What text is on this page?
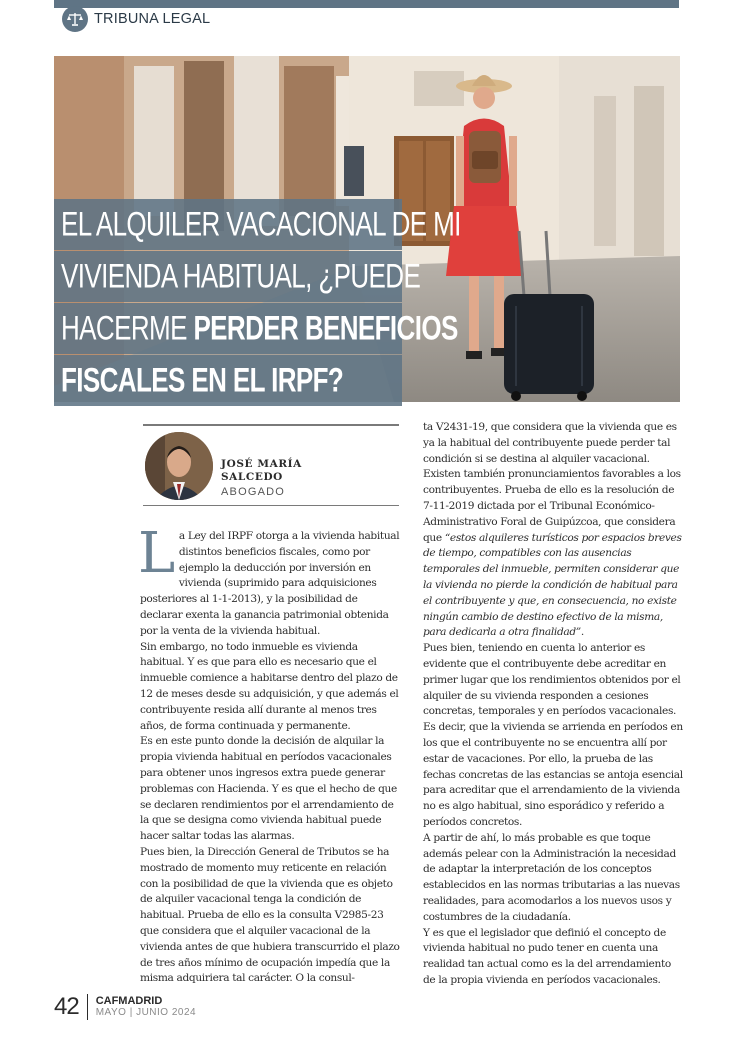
TRIBUNA LEGAL
EL ALQUILER VACACIONAL DE MI
VIVIENDA HABITUAL, ¿PUEDE
HACERME PERDER BENEFICIOS
FISCALES EN EL IRPF?
JOSÉ MARÍA SALCEDO
ABOGADO

La Ley del IRPF otorga a la vivienda habitual distintos beneficios fiscales, como por ejemplo la deducción por inversión en vivienda (suprimido para adquisiciones posteriores al 1-1-2013), y la posibilidad de declarar exenta la ganancia patrimonial obtenida por la venta de la vivienda habitual.

Sin embargo, no todo inmueble es vivienda habitual. Y es que para ello es necesario que el inmueble comience a habitarse dentro del plazo de 12 de meses desde su adquisición, y que además el contribuyente resida allí durante al menos tres años, de forma continuada y permanente.

Es en este punto donde la decisión de alquilar la propia vivienda habitual en períodos vacacionales para obtener unos ingresos extra puede generar problemas con Hacienda. Y es que el hecho de que se declaren rendimientos por el arrendamiento de la que se designa como vivienda habitual puede hacer saltar todas las alarmas.

Pues bien, la Dirección General de Tributos se ha mostrado de momento muy reticente en relación con la posibilidad de que la vivienda que es objeto de alquiler vacacional tenga la condición de habitual. Prueba de ello es la consulta V2985-23 que considera que el alquiler vacacional de la vivienda antes de que hubiera transcurrido el plazo de tres años mínimo de ocupación impedía que la misma adquiriera tal carácter. O la consul-

ta V2431-19, que considera que la vivienda que es ya la habitual del contribuyente puede perder tal condición si se destina al alquiler vacacional. Existen también pronunciamientos favorables a los contribuyentes. Prueba de ello es la resolución de 7-11-2019 dictada por el Tribunal Económico-Administrativo Foral de Guipúzcoa, que considera que “estos alquileres turísticos por espacios breves de tiempo, compatibles con las ausencias temporales del inmueble, permiten considerar que la vivienda no pierde la condición de habitual para el contribuyente y que, en consecuencia, no existe ningún cambio de destino efectivo de la misma, para dedicarla a otra finalidad”.

Pues bien, teniendo en cuenta lo anterior es evidente que el contribuyente debe acreditar en primer lugar que los rendimientos obtenidos por el alquiler de su vivienda responden a cesiones concretas, temporales y en períodos vacacionales. Es decir, que la vivienda se arrienda en períodos en los que el contribuyente no se encuentra allí por estar de vacaciones. Por ello, la prueba de las fechas concretas de las estancias se antoja esencial para acreditar que el arrendamiento de la vivienda no es algo habitual, sino esporádico y referido a períodos concretos.

A partir de ahí, lo más probable es que toque además pelear con la Administración la necesidad de adaptar la interpretación de los conceptos establecidos en las normas tributarias a las nuevas realidades, para acomodarlos a los nuevos usos y costumbres de la ciudadanía.

Y es que el legislador que definió el concepto de vivienda habitual no pudo tener en cuenta una realidad tan actual como es la del arrendamiento de la propia vivienda en períodos vacacionales.

42 CAFMADRID
MAYO | JUNIO 2024
